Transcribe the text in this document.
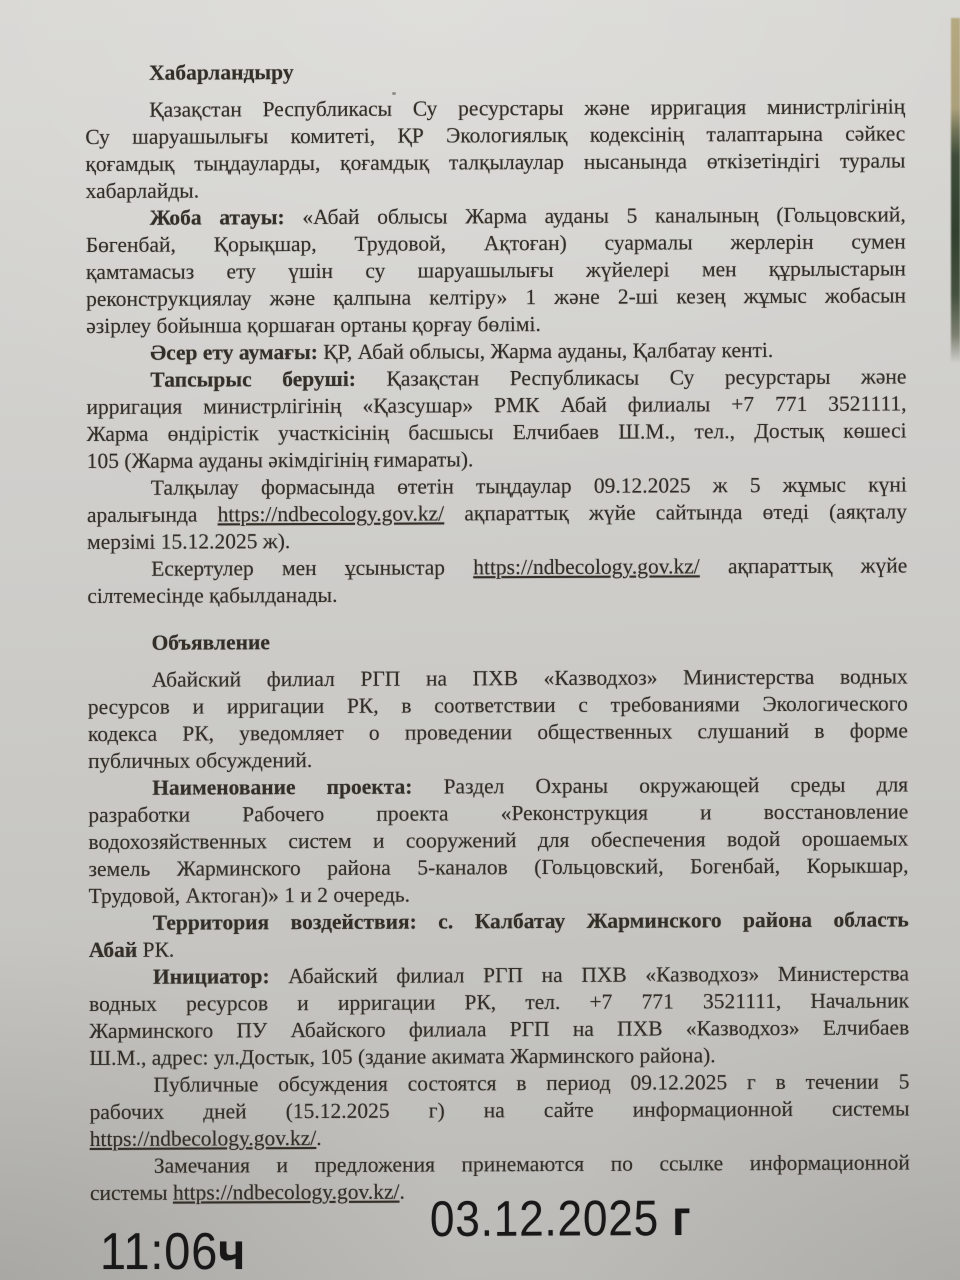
Хабарландыру
Қазақстан Республикасы Су ресурстары және ирригация министрлігінің
Су шаруашылығы комитеті, ҚР Экологиялық кодексінің талаптарына сәйкес
қоғамдық тыңдауларды, қоғамдық талқылаулар нысанында өткізетіндігі туралы
хабарлайды.
Жоба атауы: «Абай облысы Жарма ауданы 5 каналының (Гольцовский,
Бөгенбай, Қорықшар, Трудовой, Ақтоған) суармалы жерлерін сумен
қамтамасыз ету үшін су шаруашылығы жүйелері мен құрылыстарын
реконструкциялау және қалпына келтіру» 1 және 2-ші кезең жұмыс жобасын
әзірлеу бойынша қоршаған ортаны қорғау бөлімі.
Әсер ету аумағы: ҚР, Абай облысы, Жарма ауданы, Қалбатау кенті.
Тапсырыс беруші: Қазақстан Республикасы Су ресурстары және
ирригация министрлігінің «Қазсушар» РМК Абай филиалы +7 771 3521111,
Жарма өндірістік участкісінің басшысы Елчибаев Ш.М., тел., Достық көшесі
105 (Жарма ауданы әкімдігінің ғимараты).
Талқылау формасында өтетін тыңдаулар 09.12.2025 ж 5 жұмыс күні
аралығында https://ndbecology.gov.kz/ ақпараттық жүйе сайтында өтеді (аяқталу
мерзімі 15.12.2025 ж).
Ескертулер мен ұсыныстар https://ndbecology.gov.kz/ ақпараттық жүйе
сілтемесінде қабылданады.
Объявление
Абайский филиал РГП на ПХВ «Казводхоз» Министерства водных
ресурсов и ирригации РК, в соответствии с требованиями Экологического
кодекса РК, уведомляет о проведении общественных слушаний в форме
публичных обсуждений.
Наименование проекта: Раздел Охраны окружающей среды для
разработки Рабочего проекта «Реконструкция и восстановление
водохозяйственных систем и сооружений для обеспечения водой орошаемых
земель Жарминского района 5-каналов (Гольцовский, Богенбай, Корыкшар,
Трудовой, Актоган)» 1 и 2 очередь.
Территория воздействия: с. Калбатау Жарминского района область
Абай РК.
Инициатор: Абайский филиал РГП на ПХВ «Казводхоз» Министерства
водных ресурсов и ирригации РК, тел. +7 771 3521111, Начальник
Жарминского ПУ Абайского филиала РГП на ПХВ «Казводхоз» Елчибаев
Ш.М., адрес: ул.Достык, 105 (здание акимата Жарминского района).
Публичные обсуждения состоятся в период 09.12.2025 г в течении 5
рабочих дней (15.12.2025 г) на сайте информационной системы
https://ndbecology.gov.kz/.
Замечания и предложения принемаются по ссылке информационной
системы https://ndbecology.gov.kz/. 03.12.2025 г
11:06ч
